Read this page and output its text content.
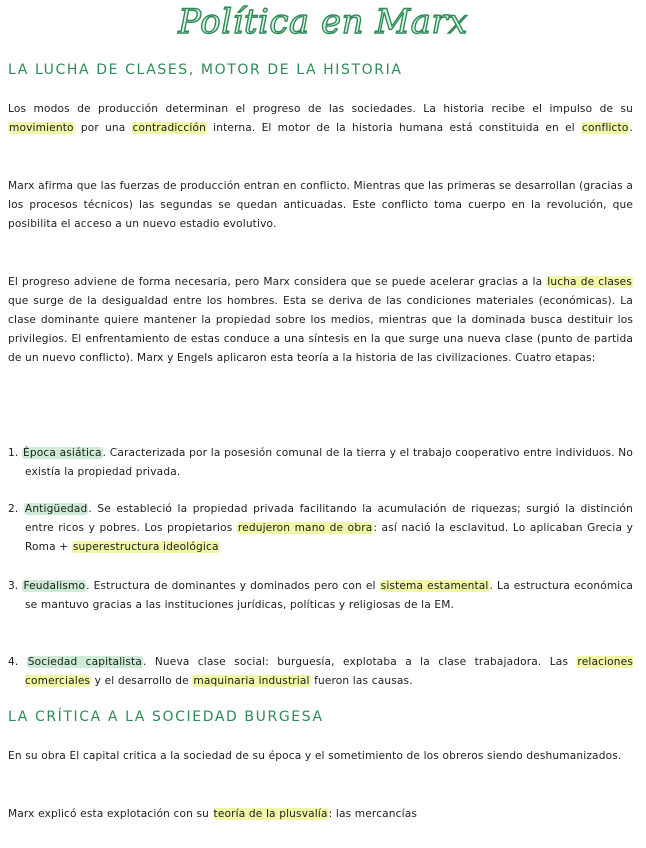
Política en Marx
LA LUCHA DE CLASES, MOTOR DE LA HISTORIA
Los modos de producción determinan el progreso de las sociedades. La historia recibe el impulso de su movimiento por una contradicción interna. El motor de la historia humana está constituida en el conflicto.
Marx afirma que las fuerzas de producción entran en conflicto. Mientras que las primeras se desarrollan (gracias a los procesos técnicos) las segundas se quedan anticuadas. Este conflicto toma cuerpo en la revolución, que posibilita el acceso a un nuevo estadio evolutivo.
El progreso adviene de forma necesaria, pero Marx considera que se puede acelerar gracias a la lucha de clases que surge de la desigualdad entre los hombres. Esta se deriva de las condiciones materiales (económicas). La clase dominante quiere mantener la propiedad sobre los medios, mientras que la dominada busca destituir los privilegios. El enfrentamiento de estas conduce a una síntesis en la que surge una nueva clase (punto de partida de un nuevo conflicto). Marx y Engels aplicaron esta teoría a la historia de las civilizaciones. Cuatro etapas:
1. Época asiática. Caracterizada por la posesión comunal de la tierra y el trabajo cooperativo entre individuos. No existía la propiedad privada.
2. Antigüedad. Se estableció la propiedad privada facilitando la acumulación de riquezas; surgió la distinción entre ricos y pobres. Los propietarios redujeron mano de obra: así nació la esclavitud. Lo aplicaban Grecia y Roma + superestructura ideológica
3. Feudalismo. Estructura de dominantes y dominados pero con el sistema estamental. La estructura económica se mantuvo gracias a las instituciones jurídicas, políticas y religiosas de la EM.
4. Sociedad capitalista. Nueva clase social: burguesía, explotaba a la clase trabajadora. Las relaciones comerciales y el desarrollo de maquinaria industrial fueron las causas.
LA CRÍTICA A LA SOCIEDAD BURGESA
En su obra El capital critica a la sociedad de su época y el sometimiento de los obreros siendo deshumanizados.
Marx explicó esta explotación con su teoría de la plusvalía: las mercancías
